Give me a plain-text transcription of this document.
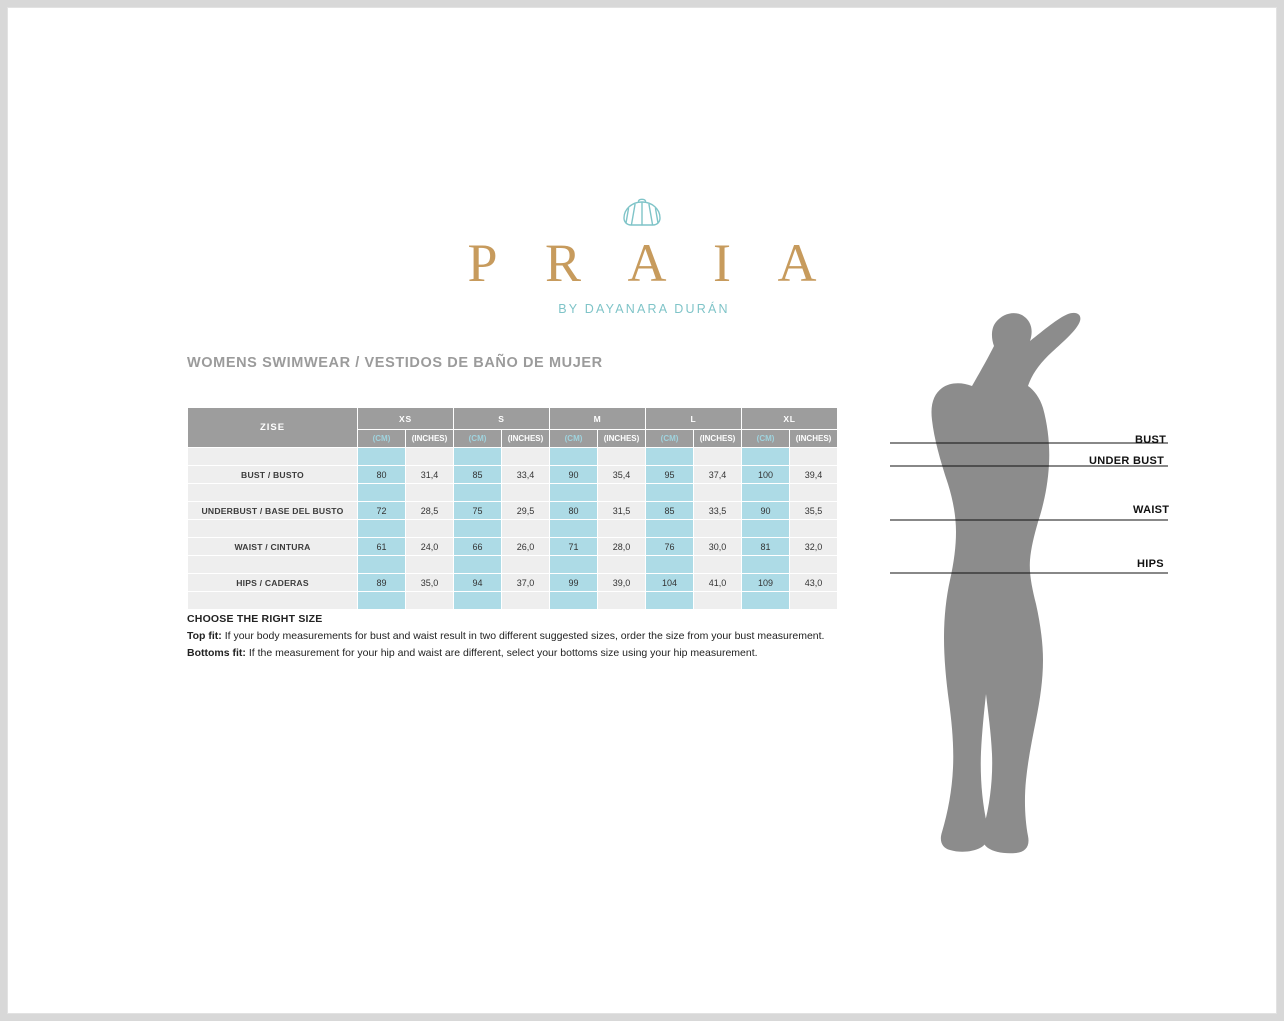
P R A I A
BY DAYANARA DURÁN
WOMENS SWIMWEAR / VESTIDOS DE BAÑO DE MUJER
ZISE	XS		S		M		L		XL	
	(CM)	(INCHES)	(CM)	(INCHES)	(CM)	(INCHES)	(CM)	(INCHES)	(CM)	(INCHES)

BUST / BUSTO	80	31,4	85	33,4	90	35,4	95	37,4	100	39,4

UNDERBUST / BASE DEL BUSTO	72	28,5	75	29,5	80	31,5	85	33,5	90	35,5

WAIST / CINTURA	61	24,0	66	26,0	71	28,0	76	30,0	81	32,0

HIPS / CADERAS	89	35,0	94	37,0	99	39,0	104	41,0	109	43,0

CHOOSE THE RIGHT SIZE
Top fit: If your body measurements for bust and waist result in two different suggested sizes, order the size from your bust measurement.
Bottoms fit: If the measurement for your hip and waist are different, select your bottoms size using your hip measurement.
BUST
UNDER BUST
WAIST
HIPS
